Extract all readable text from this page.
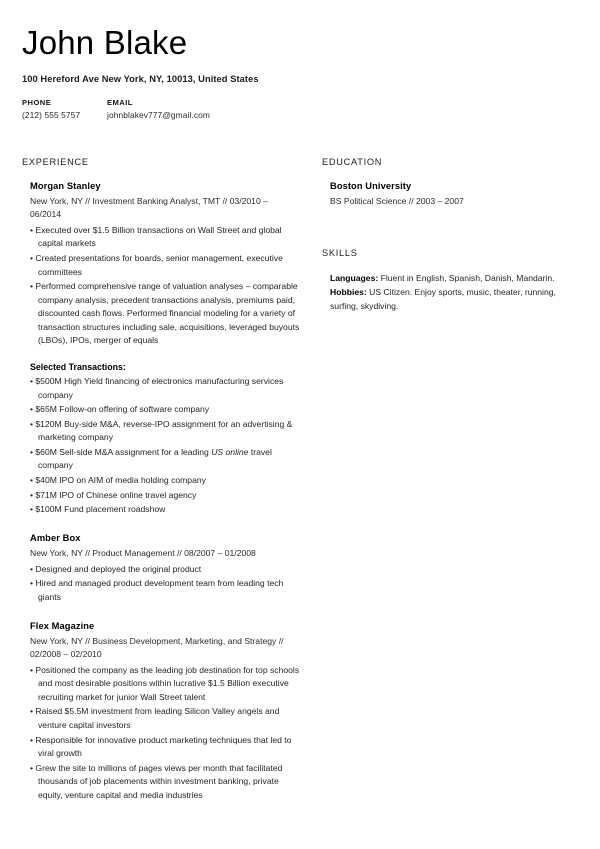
John Blake
100 Hereford Ave New York, NY, 10013, United States
PHONE
(212) 555 5757
EMAIL
johnblakev777@gmail.com
EXPERIENCE
Morgan Stanley
New York, NY // Investment Banking Analyst, TMT // 03/2010 – 06/2014
• Executed over $1.5 Billion transactions on Wall Street and global capital markets
• Created presentations for boards, senior management, executive committees
• Performed comprehensive range of valuation analyses – comparable company analysis, precedent transactions analysis, premiums paid, discounted cash flows. Performed financial modeling for a variety of transaction structures including sale, acquisitions, leveraged buyouts (LBOs), IPOs, merger of equals
Selected Transactions:
• $500M High Yield financing of electronics manufacturing services company
• $65M Follow-on offering of software company
• $120M Buy-side M&A, reverse-IPO assignment for an advertising & marketing company
• $60M Sell-side M&A assignment for a leading US online travel company
• $40M IPO on AIM of media holding company
• $71M IPO of Chinese online travel agency
• $100M Fund placement roadshow
Amber Box
New York, NY // Product Management // 08/2007 – 01/2008
• Designed and deployed the original product
• Hired and managed product development team from leading tech giants
Flex Magazine
New York, NY // Business Development, Marketing, and Strategy // 02/2008 – 02/2010
• Positioned the company as the leading job destination for top schools and most desirable positions within lucrative $1.5 Billion executive recruiting market for junior Wall Street talent
• Raised $5.5M investment from leading Silicon Valley angels and venture capital investors
• Responsible for innovative product marketing techniques that led to viral growth
• Grew the site to millions of pages views per month that facilitated thousands of job placements within investment banking, private equity, venture capital and media industries
EDUCATION
Boston University
BS Political Science // 2003 – 2007
SKILLS
Languages: Fluent in English, Spanish, Danish, Mandarin.
Hobbies: US Citizen. Enjoy sports, music, theater, running, surfing, skydiving.
